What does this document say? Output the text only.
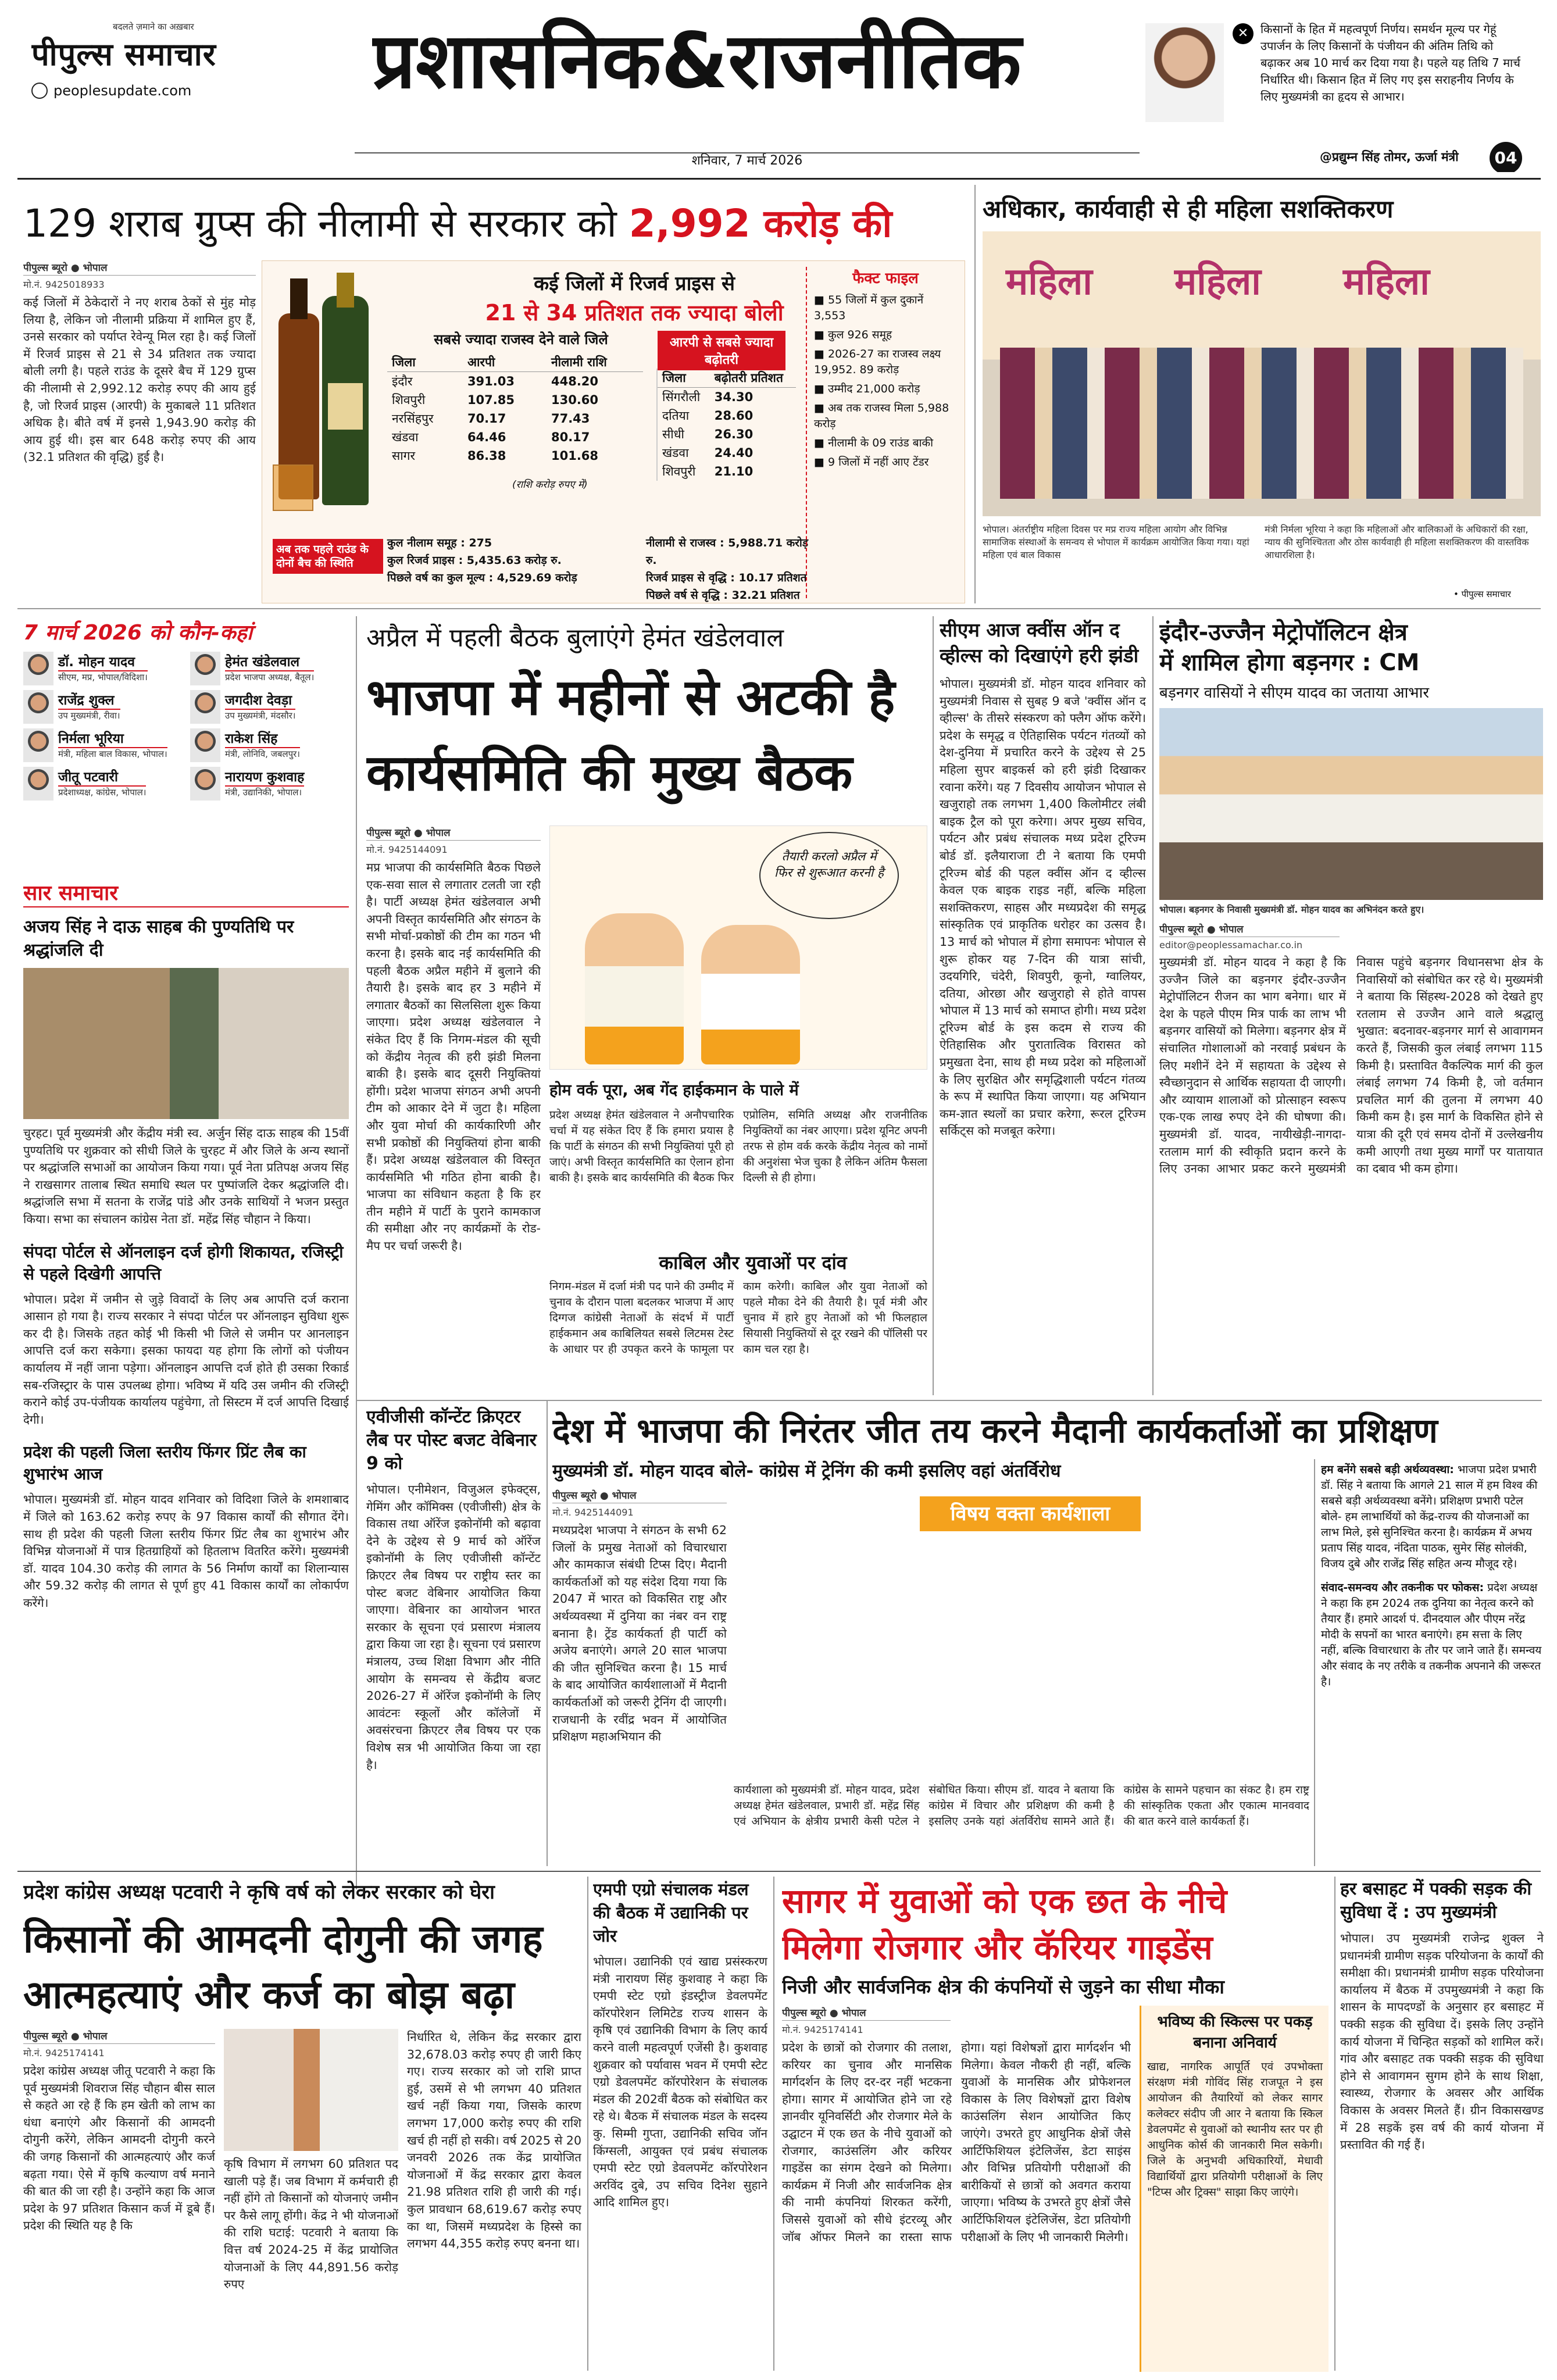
बदलते ज़माने का अख़बार
पीपुल्स समाचार
peoplesupdate.com प्रशासनिक&राजनीतिक
शनिवार, 7 मार्च 2026
✕	किसानों के हित में महत्वपूर्ण निर्णय। समर्थन मूल्य पर गेहूं उपार्जन के लिए किसानों के पंजीयन की अंतिम तिथि को बढ़ाकर अब 10 मार्च कर दिया गया है। पहले यह तिथि 7 मार्च निर्धारित थी। किसान हित में लिए गए इस सराहनीय निर्णय के लिए मुख्यमंत्री का हृदय से आभार।
@प्रद्युम्न सिंह तोमर, ऊर्जा मंत्री	04
129 शराब ग्रुप्स की नीलामी से सरकार को 2,992 करोड़ की
पीपुल्स ब्यूरो ● भोपाल
मो.नं. 9425018933
कई जिलों में ठेकेदारों ने नए शराब ठेकों से मुंह मोड़ लिया है, लेकिन जो नीलामी प्रक्रिया में शामिल हुए हैं, उनसे सरकार को पर्याप्त रेवेन्यू मिल रहा है। कई जिलों में रिजर्व प्राइस से 21 से 34 प्रतिशत तक ज्यादा बोली लगी है। पहले राउंड के दूसरे बैच में 129 ग्रुप्स की नीलामी से 2,992.12 करोड़ रुपए की आय हुई है, जो रिजर्व प्राइस (आरपी) के मुकाबले 11 प्रतिशत अधिक है। बीते वर्ष में इनसे 1,943.90 करोड़ की आय हुई थी। इस बार 648 करोड़ रुपए की आय (32.1 प्रतिशत की वृद्धि) हुई है।
कई जिलों में रिजर्व प्राइस से
21 से 34 प्रतिशत तक ज्यादा बोली
सबसे ज्यादा राजस्व देने वाले जिले
जिला	आरपी	नीलामी राशि
इंदौर	391.03	448.20
शिवपुरी	107.85	130.60
नरसिंहपुर	70.17	77.43
खंडवा	64.46	80.17
सागर	86.38	101.68
(राशि करोड़ रुपए में)
आरपी से सबसे ज्यादा बढ़ोतरी
जिला	बढ़ोतरी प्रतिशत
सिंगरौली	34.30
दतिया	28.60
सीधी	26.30
खंडवा	24.40
शिवपुरी	21.10
अब तक पहले राउंड के दोनों बैच की स्थिति
कुल नीलाम समूह : 275
कुल रिजर्व प्राइस : 5,435.63 करोड़ रु.
पिछले वर्ष का कुल मूल्य : 4,529.69 करोड़
नीलामी से राजस्व : 5,988.71 करोड़ रु.
रिजर्व प्राइस से वृद्धि : 10.17 प्रतिशत
पिछले वर्ष से वृद्धि : 32.21 प्रतिशत
फैक्ट फाइल
■ 55 जिलों में कुल दुकानें 3,553
■ कुल 926 समूह
■ 2026-27 का राजस्व लक्ष्य 19,952. 89 करोड़
■ उम्मीद 21,000 करोड़
■ अब तक राजस्व मिला 5,988 करोड़
■ नीलामी के 09 राउंड बाकी
■ 9 जिलों में नहीं आए टेंडर
अधिकार, कार्यवाही से ही महिला सशक्तिकरण
महिला महिला महिला
भोपाल। अंतर्राष्ट्रीय महिला दिवस पर मप्र राज्य महिला आयोग और विभिन्न सामाजिक संस्थाओं के समन्वय से भोपाल में कार्यक्रम आयोजित किया गया। यहां महिला एवं बाल विकास
मंत्री निर्मला भूरिया ने कहा कि महिलाओं और बालिकाओं के अधिकारों की रक्षा, न्याय की सुनिश्चितता और ठोस कार्यवाही ही महिला सशक्तिकरण की वास्तविक आधारशिला है।
• पीपुल्स समाचार
7 मार्च 2026 को कौन-कहां
डॉ. मोहन यादव
सीएम, मप्र, भोपाल/विदिशा।
हेमंत खंडेलवाल
प्रदेश भाजपा अध्यक्ष, बैतूल।
राजेंद्र शुक्ल
उप मुख्यमंत्री, रीवा।
जगदीश देवड़ा
उप मुख्यमंत्री, मंदसौर।
निर्मला भूरिया
मंत्री, महिला बाल विकास, भोपाल।
राकेश सिंह
मंत्री, लोनिवि, जबलपुर।
जीतू पटवारी
प्रदेशाध्यक्ष, कांग्रेस, भोपाल।
नारायण कुशवाह
मंत्री, उद्यानिकी, भोपाल।
सार समाचार
अजय सिंह ने दाऊ साहब की पुण्यतिथि पर श्रद्धांजलि दी
चुरहट। पूर्व मुख्यमंत्री और केंद्रीय मंत्री स्व. अर्जुन सिंह दाऊ साहब की 15वीं पुण्यतिथि पर शुक्रवार को सीधी जिले के चुरहट में और जिले के अन्य स्थानों पर श्रद्धांजलि सभाओं का आयोजन किया गया। पूर्व नेता प्रतिपक्ष अजय सिंह ने राखसागर तालाब स्थित समाधि स्थल पर पुष्पांजलि देकर श्रद्धांजलि दी। श्रद्धांजलि सभा में सतना के राजेंद्र पांडे और उनके साथियों ने भजन प्रस्तुत किया। सभा का संचालन कांग्रेस नेता डॉ. महेंद्र सिंह चौहान ने किया।
संपदा पोर्टल से ऑनलाइन दर्ज होगी शिकायत, रजिस्ट्री से पहले दिखेगी आपत्ति
भोपाल। प्रदेश में जमीन से जुड़े विवादों के लिए अब आपत्ति दर्ज कराना आसान हो गया है। राज्य सरकार ने संपदा पोर्टल पर ऑनलाइन सुविधा शुरू कर दी है। जिसके तहत कोई भी किसी भी जिले से जमीन पर आनलाइन आपत्ति दर्ज करा सकेगा। इसका फायदा यह होगा कि लोगों को पंजीयन कार्यालय में नहीं जाना पड़ेगा। ऑनलाइन आपत्ति दर्ज होते ही उसका रिकार्ड सब-रजिस्ट्रार के पास उपलब्ध होगा। भविष्य में यदि उस जमीन की रजिस्ट्री कराने कोई उप-पंजीयक कार्यालय पहुंचेगा, तो सिस्टम में दर्ज आपत्ति दिखाई देगी।
प्रदेश की पहली जिला स्तरीय फिंगर प्रिंट लैब का शुभारंभ आज
भोपाल। मुख्यमंत्री डॉ. मोहन यादव शनिवार को विदिशा जिले के शमशाबाद में जिले को 163.62 करोड़ रुपए के 97 विकास कार्यों की सौगात देंगे। साथ ही प्रदेश की पहली जिला स्तरीय फिंगर प्रिंट लैब का शुभारंभ और विभिन्न योजनाओं में पात्र हितग्राहियों को हितलाभ वितरित करेंगे। मुख्यमंत्री डॉ. यादव 104.30 करोड़ की लागत के 56 निर्माण कार्यों का शिलान्यास और 59.32 करोड़ की लागत से पूर्ण हुए 41 विकास कार्यों का लोकार्पण करेंगे।
अप्रैल में पहली बैठक बुलाएंगे हेमंत खंडेलवाल
भाजपा में महीनों से अटकी है
कार्यसमिति की मुख्य बैठक
पीपुल्स ब्यूरो ● भोपाल
मो.नं. 9425144091
मप्र भाजपा की कार्यसमिति बैठक पिछले एक-सवा साल से लगातार टलती जा रही है। पार्टी अध्यक्ष हेमंत खंडेलवाल अभी अपनी विस्तृत कार्यसमिति और संगठन के सभी मोर्चा-प्रकोष्ठों की टीम का गठन भी करना है। इसके बाद नई कार्यसमिति की पहली बैठक अप्रैल महीने में बुलाने की तैयारी है। इसके बाद हर 3 महीने में लगातार बैठकों का सिलसिला शुरू किया जाएगा। प्रदेश अध्यक्ष खंडेलवाल ने संकेत दिए हैं कि निगम-मंडल की सूची को केंद्रीय नेतृत्व की हरी झंडी मिलना बाकी है। इसके बाद दूसरी नियुक्तियां होंगी। प्रदेश भाजपा संगठन अभी अपनी टीम को आकार देने में जुटा है। महिला और युवा मोर्चा की कार्यकारिणी और सभी प्रकोष्ठों की नियुक्तियां होना बाकी हैं। प्रदेश अध्यक्ष खंडेलवाल की विस्तृत कार्यसमिति भी गठित होना बाकी है। भाजपा का संविधान कहता है कि हर तीन महीने में पार्टी के पुराने कामकाज की समीक्षा और नए कार्यक्रमों के रोड-मैप पर चर्चा जरूरी है।
तैयारी करलो अप्रैल में फिर से शुरूआत करनी है
होम वर्क पूरा, अब गेंद हाईकमान के पाले में
प्रदेश अध्यक्ष हेमंत खंडेलवाल ने अनौपचारिक चर्चा में यह संकेत दिए हैं कि हमारा प्रयास है कि पार्टी के संगठन की सभी नियुक्तियां पूरी हो जाएं। अभी विस्तृत कार्यसमिति का ऐलान होना बाकी है। इसके बाद कार्यसमिति की बैठक फिर एप्रोलिम, समिति अध्यक्ष और राजनीतिक नियुक्तियों का नंबर आएगा। प्रदेश यूनिट अपनी तरफ से होम वर्क करके केंद्रीय नेतृत्व को नामों की अनुशंसा भेज चुका है लेकिन अंतिम फैसला दिल्ली से ही होगा।
काबिल और युवाओं पर दांव
निगम-मंडल में दर्जा मंत्री पद पाने की उम्मीद में चुनाव के दौरान पाला बदलकर भाजपा में आए दिग्गज कांग्रेसी नेताओं के संदर्भ में पार्टी हाईकमान अब काबिलियत सबसे लिटमस टेस्ट के आधार पर ही उपकृत करने के फामूला पर काम करेगी। काबिल और युवा नेताओं को पहले मौका देने की तैयारी है। पूर्व मंत्री और चुनाव में हारे हुए नेताओं को भी फिलहाल सियासी नियुक्तियों से दूर रखने की पॉलिसी पर काम चल रहा है।
सीएम आज क्वींस ऑन द व्हील्स को दिखाएंगे हरी झंडी
भोपाल। मुख्यमंत्री डॉ. मोहन यादव शनिवार को मुख्यमंत्री निवास से सुबह 9 बजे 'क्वींस ऑन द व्हील्स' के तीसरे संस्करण को फ्लैग ऑफ करेंगे। प्रदेश के समृद्ध व ऐतिहासिक पर्यटन गंतव्यों को देश-दुनिया में प्रचारित करने के उद्देश्य से 25 महिला सुपर बाइकर्स को हरी झंडी दिखाकर रवाना करेंगे। यह 7 दिवसीय आयोजन भोपाल से खजुराहो तक लगभग 1,400 किलोमीटर लंबी बाइक ट्रैल को पूरा करेगा। अपर मुख्य सचिव, पर्यटन और प्रबंध संचालक मध्य प्रदेश टूरिज्म बोर्ड डॉ. इलैयाराजा टी ने बताया कि एमपी टूरिज्म बोर्ड की पहल क्वींस ऑन द व्हील्स केवल एक बाइक राइड नहीं, बल्कि महिला सशक्तिकरण, साहस और मध्यप्रदेश की समृद्ध सांस्कृतिक एवं प्राकृतिक धरोहर का उत्सव है। 13 मार्च को भोपाल में होगा समापनः भोपाल से शुरू होकर यह 7-दिन की यात्रा सांची, उदयगिरि, चंदेरी, शिवपुरी, कूनो, ग्वालियर, दतिया, ओरछा और खजुराहो से होते वापस भोपाल में 13 मार्च को समाप्त होगी। मध्य प्रदेश टूरिज्म बोर्ड के इस कदम से राज्य की ऐतिहासिक और पुरातात्विक विरासत को प्रमुखता देना, साथ ही मध्य प्रदेश को महिलाओं के लिए सुरक्षित और समृद्धिशाली पर्यटन गंतव्य के रूप में स्थापित किया जाएगा। यह अभियान कम-ज्ञात स्थलों का प्रचार करेगा, रूरल टूरिज्म सर्किट्स को मजबूत करेगा।
इंदौर-उज्जैन मेट्रोपॉलिटन क्षेत्र
में शामिल होगा बड़नगर : CM
बड़नगर वासियों ने सीएम यादव का जताया आभार
भोपाल। बड़नगर के निवासी मुख्यमंत्री डॉ. मोहन यादव का अभिनंदन करते हुए।
पीपुल्स ब्यूरो ● भोपाल
editor@peoplessamachar.co.in
मुख्यमंत्री डॉ. मोहन यादव ने कहा है कि उज्जैन जिले का बड़नगर इंदौर-उज्जैन मेट्रोपॉलिटन रीजन का भाग बनेगा। धार में देश के पहले पीएम मित्र पार्क का लाभ भी बड़नगर वासियों को मिलेगा। बड़नगर क्षेत्र में संचालित गोशालाओं को नरवाई प्रबंधन के लिए मशीनें देने में सहायता के उद्देश्य से स्वैच्छानुदान से आर्थिक सहायता दी जाएगी। और व्यायाम शालाओं को प्रोत्साहन स्वरूप एक-एक लाख रुपए देने की घोषणा की। मुख्यमंत्री डॉ. यादव, नायीखेड़ी-नागदा-रतलाम मार्ग की स्वीकृति प्रदान करने के लिए उनका आभार प्रकट करने मुख्यमंत्री निवास पहुंचे बड़नगर विधानसभा क्षेत्र के निवासियों को संबोधित कर रहे थे। मुख्यमंत्री ने बताया कि सिंहस्थ-2028 को देखते हुए रतलाम से उज्जैन आने वाले श्रद्धालु भुखात: बदनावर-बड़नगर मार्ग से आवागमन करते हैं, जिसकी कुल लंबाई लगभग 115 किमी है। प्रस्तावित वैकल्पिक मार्ग की कुल लंबाई लगभग 74 किमी है, जो वर्तमान प्रचलित मार्ग की तुलना में लगभग 40 किमी कम है। इस मार्ग के विकसित होने से यात्रा की दूरी एवं समय दोनों में उल्लेखनीय कमी आएगी तथा मुख्य मार्गों पर यातायात का दबाव भी कम होगा।
एवीजीसी कॉन्टेंट क्रिएटर लैब पर पोस्ट बजट वेबिनार 9 को
भोपाल। एनीमेशन, विजुअल इफेक्ट्स, गेमिंग और कॉमिक्स (एवीजीसी) क्षेत्र के विकास तथा ऑरेंज इकोनॉमी को बढ़ावा देने के उद्देश्य से 9 मार्च को ऑरेंज इकोनॉमी के लिए एवीजीसी कॉन्टेंट क्रिएटर लैब विषय पर राष्ट्रीय स्तर का पोस्ट बजट वेबिनार आयोजित किया जाएगा। वेबिनार का आयोजन भारत सरकार के सूचना एवं प्रसारण मंत्रालय द्वारा किया जा रहा है। सूचना एवं प्रसारण मंत्रालय, उच्च शिक्षा विभाग और नीति आयोग के समन्वय से केंद्रीय बजट 2026-27 में ऑरेंज इकोनॉमी के लिए आवंटनः स्कूलों और कॉलेजों में अवसंरचना क्रिएटर लैब विषय पर एक विशेष सत्र भी आयोजित किया जा रहा है।
देश में भाजपा की निरंतर जीत तय करने मैदानी कार्यकर्ताओं का प्रशिक्षण
मुख्यमंत्री डॉ. मोहन यादव बोले- कांग्रेस में ट्रेनिंग की कमी इसलिए वहां अंतर्विरोध
पीपुल्स ब्यूरो ● भोपाल
मो.नं. 9425144091
मध्यप्रदेश भाजपा ने संगठन के सभी 62 जिलों के प्रमुख नेताओं को विचारधारा और कामकाज संबंधी टिप्स दिए। मैदानी कार्यकर्ताओं को यह संदेश दिया गया कि 2047 में भारत को विकसित राष्ट्र और अर्थव्यवस्था में दुनिया का नंबर वन राष्ट्र बनाना है। ट्रेंड कार्यकर्ता ही पार्टी को अजेय बनाएंगे। अगले 20 साल भाजपा की जीत सुनिश्चित करना है। 15 मार्च के बाद आयोजित कार्यशालाओं में मैदानी कार्यकर्ताओं को जरूरी ट्रेनिंग दी जाएगी। राजधानी के रवींद्र भवन में आयोजित प्रशिक्षण महाअभियान की
विषय वक्ता कार्यशाला
कार्यशाला को मुख्यमंत्री डॉ. मोहन यादव, प्रदेश अध्यक्ष हेमंत खंडेलवाल, प्रभारी डॉ. महेंद्र सिंह एवं अभियान के क्षेत्रीय प्रभारी केसी पटेल ने संबोधित किया। सीएम डॉ. यादव ने बताया कि कांग्रेस में विचार और प्रशिक्षण की कमी है इसलिए उनके यहां अंतर्विरोध सामने आते हैं। कांग्रेस के सामने पहचान का संकट है। हम राष्ट्र की सांस्कृतिक एकता और एकात्म मानववाद की बात करने वाले कार्यकर्ता हैं।
हम बनेंगे सबसे बड़ी अर्थव्यवस्था: भाजपा प्रदेश प्रभारी डॉ. सिंह ने बताया कि आगले 21 साल में हम विश्व की सबसे बड़ी अर्थव्यवस्था बनेंगे। प्रशिक्षण प्रभारी पटेल बोले- हम लाभार्थियों को केंद्र-राज्य की योजनाओं का लाभ मिले, इसे सुनिश्चित करना है। कार्यक्रम में अभय प्रताप सिंह यादव, नंदिता पाठक, सुमेर सिंह सोलंकी, विजय दुबे और राजेंद्र सिंह सहित अन्य मौजूद रहे।
संवाद-समन्वय और तकनीक पर फोकस: प्रदेश अध्यक्ष ने कहा कि हम 2024 तक दुनिया का नेतृत्व करने को तैयार हैं। हमारे आदर्श पं. दीनदयाल और पीएम नरेंद्र मोदी के सपनों का भारत बनाएंगे। हम सत्ता के लिए नहीं, बल्कि विचारधारा के तौर पर जाने जाते हैं। समन्वय और संवाद के नए तरीके व तकनीक अपनाने की जरूरत है।
प्रदेश कांग्रेस अध्यक्ष पटवारी ने कृषि वर्ष को लेकर सरकार को घेरा
किसानों की आमदनी दोगुनी की जगह
आत्महत्याएं और कर्ज का बोझ बढ़ा
पीपुल्स ब्यूरो ● भोपाल
मो.नं. 9425174141
प्रदेश कांग्रेस अध्यक्ष जीतू पटवारी ने कहा कि पूर्व मुख्यमंत्री शिवराज सिंह चौहान बीस साल से कहते आ रहे हैं कि हम खेती को लाभ का धंधा बनाएंगे और किसानों की आमदनी दोगुनी करेंगे, लेकिन आमदनी दोगुनी करने की जगह किसानों की आत्महत्याएं और कर्ज बढ़ता गया। ऐसे में कृषि कल्याण वर्ष मनाने की बात की जा रही है। उन्होंने कहा कि आज प्रदेश के 97 प्रतिशत किसान कर्ज में डूबे हैं। प्रदेश की स्थिति यह है कि
कृषि विभाग में लगभग 60 प्रतिशत पद खाली पड़े हैं। जब विभाग में कर्मचारी ही नहीं होंगे तो किसानों को योजनाएं जमीन पर कैसे लागू होंगी। केंद्र ने भी योजनाओं की राशि घटाई: पटवारी ने बताया कि वित्त वर्ष 2024-25 में केंद्र प्रायोजित योजनाओं के लिए 44,891.56 करोड़ रुपए
निर्धारित थे, लेकिन केंद्र सरकार द्वारा 32,678.03 करोड़ रुपए ही जारी किए गए। राज्य सरकार को जो राशि प्राप्त हुई, उसमें से भी लगभग 40 प्रतिशत खर्च नहीं किया गया, जिसके कारण लगभग 17,000 करोड़ रुपए की राशि खर्च ही नहीं हो सकी। वर्ष 2025 से 20 जनवरी 2026 तक केंद्र प्रायोजित योजनाओं में केंद्र सरकार द्वारा केवल 21.98 प्रतिशत राशि ही जारी की गई। कुल प्रावधान 68,619.67 करोड़ रुपए का था, जिसमें मध्यप्रदेश के हिस्से का लगभग 44,355 करोड़ रुपए बनना था।
एमपी एग्रो संचालक मंडल की बैठक में उद्यानिकी पर जोर
भोपाल। उद्यानिकी एवं खाद्य प्रसंस्करण मंत्री नारायण सिंह कुशवाह ने कहा कि एमपी स्टेट एग्रो इंडस्ट्रीज डेवलपमेंट कॉरपोरेशन लिमिटेड राज्य शासन के कृषि एवं उद्यानिकी विभाग के लिए कार्य करने वाली महत्वपूर्ण एजेंसी है। कुशवाह शुक्रवार को पर्यावास भवन में एमपी स्टेट एग्रो डेवलपमेंट कॉरपोरेशन के संचालक मंडल की 202वीं बैठक को संबोधित कर रहे थे। बैठक में संचालक मंडल के सदस्य कु. सिम्मी गुप्ता, उद्यानिकी सचिव जॉन किंग्सली, आयुक्त एवं प्रबंध संचालक एमपी स्टेट एग्रो डेवलपमेंट कॉरपोरेशन अरविंद दुबे, उप सचिव दिनेश सुहाने आदि शामिल हुए।
सागर में युवाओं को एक छत के नीचे
मिलेगा रोजगार और कॅरियर गाइडेंस
निजी और सार्वजनिक क्षेत्र की कंपनियों से जुड़ने का सीधा मौका
पीपुल्स ब्यूरो ● भोपाल
मो.नं. 9425174141
प्रदेश के छात्रों को रोजगार की तलाश, करियर का चुनाव और मानसिक मार्गदर्शन के लिए दर-दर नहीं भटकना होगा। सागर में आयोजित होने जा रहे ज्ञानवीर यूनिवर्सिटी और रोजगार मेले के उद्घाटन में एक छत के नीचे युवाओं को रोजगार, काउंसलिंग और करियर गाइडेंस का संगम देखने को मिलेगा। कार्यक्रम में निजी और सार्वजनिक क्षेत्र की नामी कंपनियां शिरकत करेंगी, जिससे युवाओं को सीधे इंटरव्यू और जॉब ऑफर मिलने का रास्ता साफ होगा। यहां विशेषज्ञों द्वारा मार्गदर्शन भी मिलेगा। केवल नौकरी ही नहीं, बल्कि युवाओं के मानसिक और प्रोफेशनल विकास के लिए विशेषज्ञों द्वारा विशेष काउंसलिंग सेशन आयोजित किए जाएंगे। उभरते हुए आधुनिक क्षेत्रों जैसे आर्टिफिशियल इंटेलिजेंस, डेटा साइंस और विभिन्न प्रतियोगी परीक्षाओं की बारीकियों से छात्रों को अवगत कराया जाएगा। भविष्य के उभरते हुए क्षेत्रों जैसे आर्टिफिशियल इंटेलिजेंस, डेटा प्रतियोगी परीक्षाओं के लिए भी जानकारी मिलेगी।
भविष्य की स्किल्स पर पकड़ बनाना अनिवार्य
खाद्य, नागरिक आपूर्ति एवं उपभोक्ता संरक्षण मंत्री गोविंद सिंह राजपूत ने इस आयोजन की तैयारियों को लेकर सागर कलेक्टर संदीप जी आर ने बताया कि स्किल डेवलपमेंट से युवाओं को स्थानीय स्तर पर ही आधुनिक कोर्स की जानकारी मिल सकेगी। जिले के अनुभवी अधिकारियों, मेधावी विद्यार्थियों द्वारा प्रतियोगी परीक्षाओं के लिए "टिप्स और ट्रिक्स" साझा किए जाएंगे।
हर बसाहट में पक्की सड़क की सुविधा दें : उप मुख्यमंत्री
भोपाल। उप मुख्यमंत्री राजेन्द्र शुक्ल ने प्रधानमंत्री ग्रामीण सड़क परियोजना के कार्यों की समीक्षा की। प्रधानमंत्री ग्रामीण सड़क परियोजना कार्यालय में बैठक में उपमुख्यमंत्री ने कहा कि शासन के मापदण्डों के अनुसार हर बसाहट में पक्की सड़क की सुविधा दें। इसके लिए उन्होंने कार्य योजना में चिन्हित सड़कों को शामिल करें। गांव और बसाहट तक पक्की सड़क की सुविधा होने से आवागमन सुगम होने के साथ शिक्षा, स्वास्थ्य, रोजगार के अवसर और आर्थिक विकास के अवसर मिलते हैं। ग्रीन विकासखण्ड में 28 सड़कें इस वर्ष की कार्य योजना में प्रस्तावित की गई हैं।
